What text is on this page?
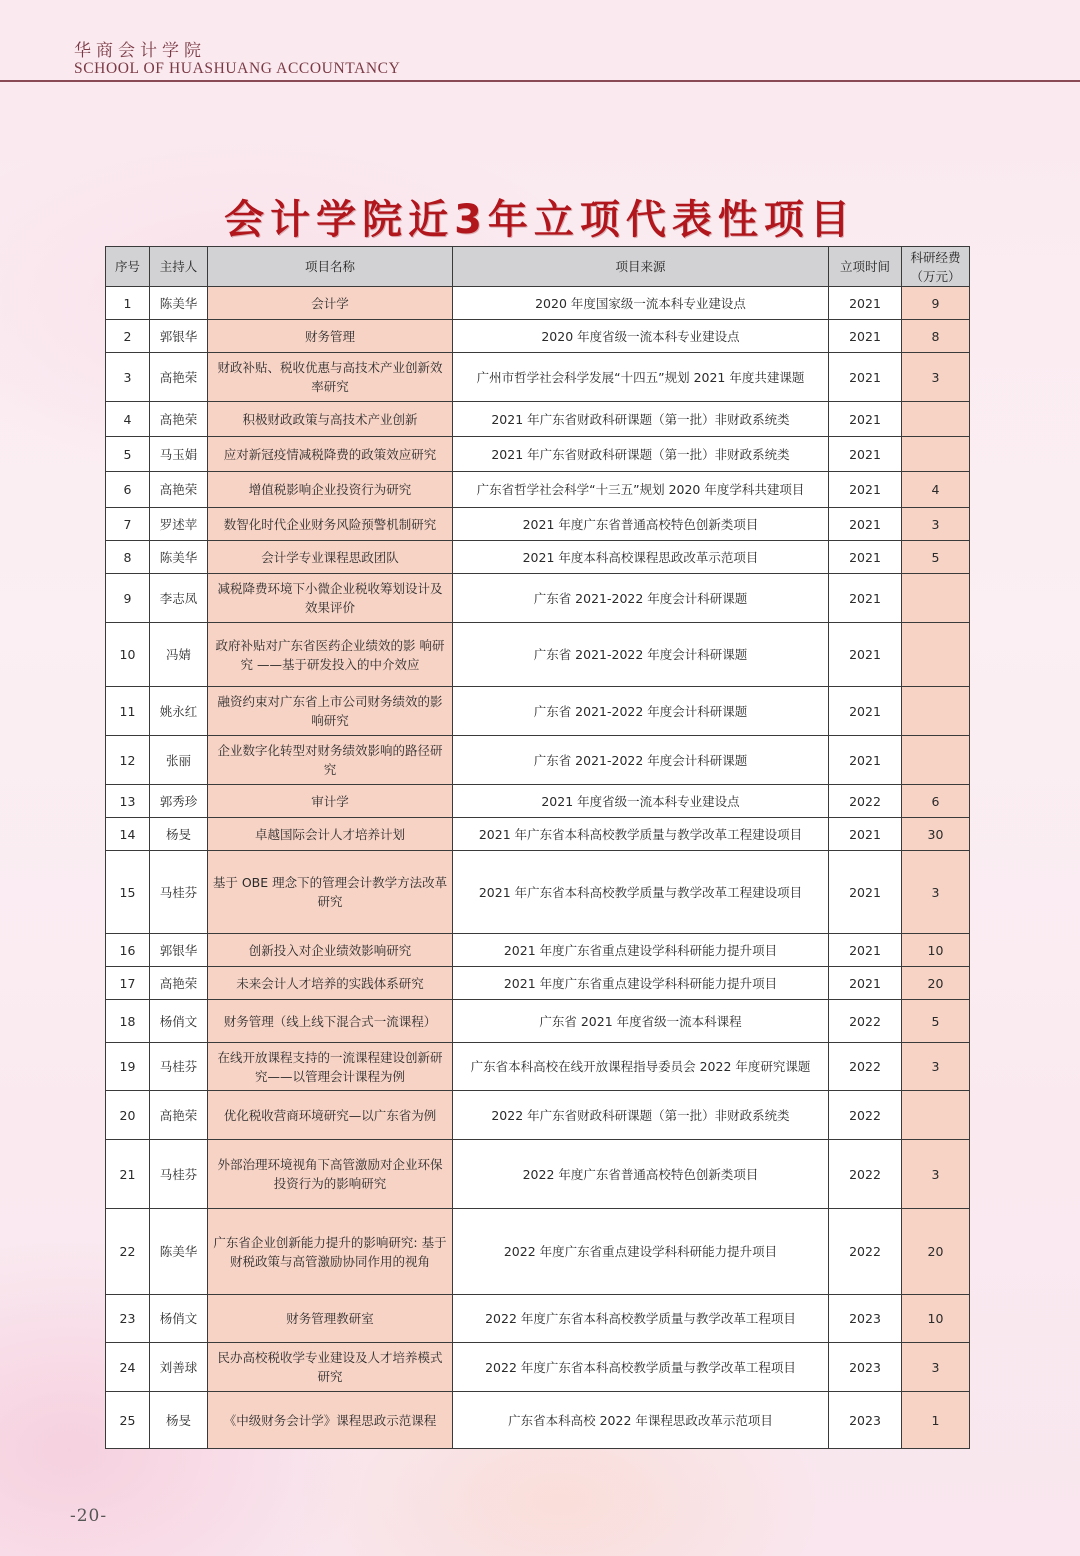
华商会计学院
SCHOOL OF HUASHUANG ACCOUNTANCY
会计学院近3年立项代表性项目
序号	主持人	项目名称	项目来源	立项时间	科研经费
（万元）
1	陈美华	会计学	2020 年度国家级一流本科专业建设点	2021	9
2	郭银华	财务管理	2020 年度省级一流本科专业建设点	2021	8
3	高艳荣	财政补贴、税收优惠与高技术产业创新效率研究	广州市哲学社会科学发展“十四五”规划 2021 年度共建课题	2021	3
4	高艳荣	积极财政政策与高技术产业创新	2021 年广东省财政科研课题（第一批）非财政系统类	2021	
5	马玉娟	应对新冠疫情减税降费的政策效应研究	2021 年广东省财政科研课题（第一批）非财政系统类	2021	
6	高艳荣	增值税影响企业投资行为研究	广东省哲学社会科学“十三五”规划 2020 年度学科共建项目	2021	4
7	罗述苹	数智化时代企业财务风险预警机制研究	2021 年度广东省普通高校特色创新类项目	2021	3
8	陈美华	会计学专业课程思政团队	2021 年度本科高校课程思政改革示范项目	2021	5
9	李志凤	减税降费环境下小微企业税收筹划设计及效果评价	广东省 2021-2022 年度会计科研课题	2021	
10	冯婧	政府补贴对广东省医药企业绩效的影 响研究 ——基于研发投入的中介效应	广东省 2021-2022 年度会计科研课题	2021	
11	姚永红	融资约束对广东省上市公司财务绩效的影响研究	广东省 2021-2022 年度会计科研课题	2021	
12	张丽	企业数字化转型对财务绩效影响的路径研究	广东省 2021-2022 年度会计科研课题	2021	
13	郭秀珍	审计学	2021 年度省级一流本科专业建设点	2022	6
14	杨旻	卓越国际会计人才培养计划	2021 年广东省本科高校教学质量与教学改革工程建设项目	2021	30
15	马桂芬	基于 OBE 理念下的管理会计教学方法改革研究	2021 年广东省本科高校教学质量与教学改革工程建设项目	2021	3
16	郭银华	创新投入对企业绩效影响研究	2021 年度广东省重点建设学科科研能力提升项目	2021	10
17	高艳荣	未来会计人才培养的实践体系研究	2021 年度广东省重点建设学科科研能力提升项目	2021	20
18	杨俏文	财务管理（线上线下混合式一流课程）	广东省 2021 年度省级一流本科课程	2022	5
19	马桂芬	在线开放课程支持的一流课程建设创新研究——以管理会计课程为例	广东省本科高校在线开放课程指导委员会 2022 年度研究课题	2022	3
20	高艳荣	优化税收营商环境研究—以广东省为例	2022 年广东省财政科研课题（第一批）非财政系统类	2022	
21	马桂芬	外部治理环境视角下高管激励对企业环保投资行为的影响研究	2022 年度广东省普通高校特色创新类项目	2022	3
22	陈美华	广东省企业创新能力提升的影响研究: 基于财税政策与高管激励协同作用的视角	2022 年度广东省重点建设学科科研能力提升项目	2022	20
23	杨俏文	财务管理教研室	2022 年度广东省本科高校教学质量与教学改革工程项目	2023	10
24	刘善球	民办高校税收学专业建设及人才培养模式研究	2022 年度广东省本科高校教学质量与教学改革工程项目	2023	3
25	杨旻	《中级财务会计学》课程思政示范课程	广东省本科高校 2022 年课程思政改革示范项目	2023	1
-20-
